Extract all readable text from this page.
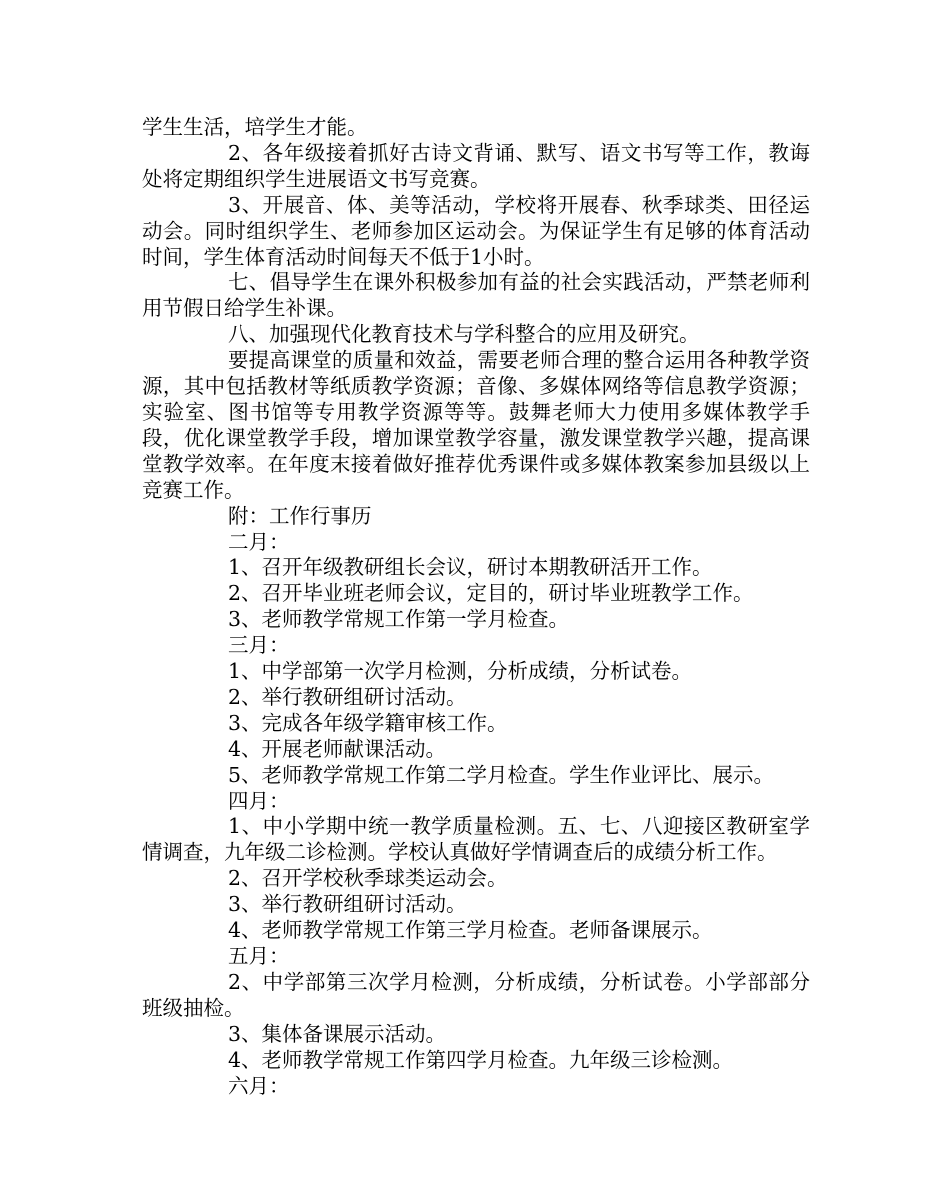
学生生活，培学生才能。

2、各年级接着抓好古诗文背诵、默写、语文书写等工作，教诲处将定期组织学生进展语文书写竞赛。

3、开展音、体、美等活动，学校将开展春、秋季球类、田径运动会。同时组织学生、老师参加区运动会。为保证学生有足够的体育活动时间，学生体育活动时间每天不低于1小时。

七、倡导学生在课外积极参加有益的社会实践活动，严禁老师利用节假日给学生补课。

八、加强现代化教育技术与学科整合的应用及研究。

要提高课堂的质量和效益，需要老师合理的整合运用各种教学资源，其中包括教材等纸质教学资源；音像、多媒体网络等信息教学资源；实验室、图书馆等专用教学资源等等。鼓舞老师大力使用多媒体教学手段，优化课堂教学手段，增加课堂教学容量，激发课堂教学兴趣，提高课堂教学效率。在年度末接着做好推荐优秀课件或多媒体教案参加县级以上竞赛工作。

附：工作行事历

二月：

1、召开年级教研组长会议，研讨本期教研活开工作。

2、召开毕业班老师会议，定目的，研讨毕业班教学工作。

3、老师教学常规工作第一学月检查。

三月：

1、中学部第一次学月检测，分析成绩，分析试卷。

2、举行教研组研讨活动。

3、完成各年级学籍审核工作。

4、开展老师献课活动。

5、老师教学常规工作第二学月检查。学生作业评比、展示。

四月：

1、中小学期中统一教学质量检测。五、七、八迎接区教研室学情调查，九年级二诊检测。学校认真做好学情调查后的成绩分析工作。

2、召开学校秋季球类运动会。

3、举行教研组研讨活动。

4、老师教学常规工作第三学月检查。老师备课展示。

五月：

2、中学部第三次学月检测，分析成绩，分析试卷。小学部部分班级抽检。

3、集体备课展示活动。

4、老师教学常规工作第四学月检查。九年级三诊检测。

六月：
